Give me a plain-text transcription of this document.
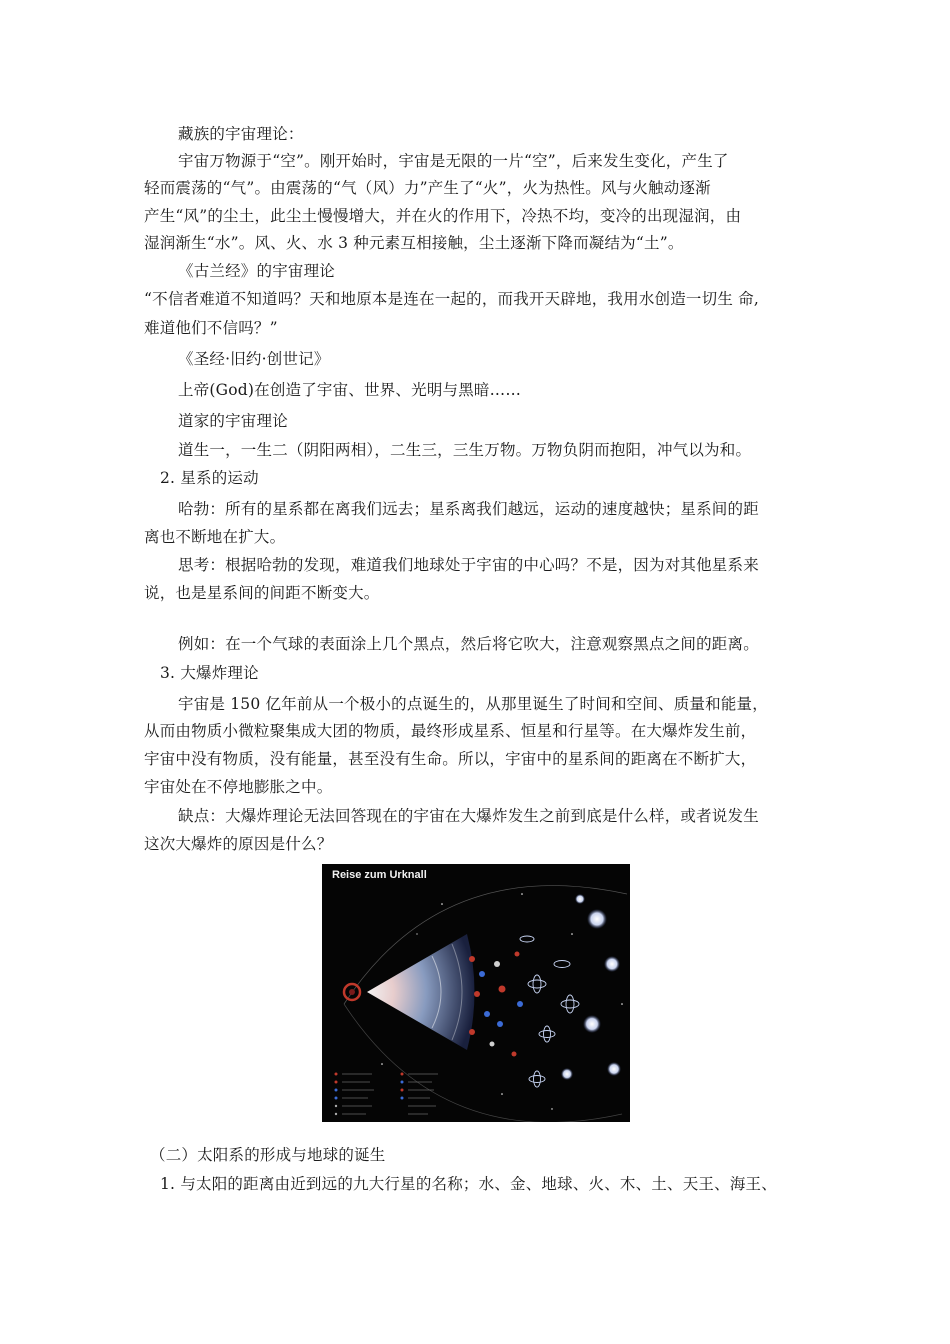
藏族的宇宙理论：
宇宙万物源于“空”。刚开始时，宇宙是无限的一片“空”，后来发生变化，产生了
轻而震荡的“气”。由震荡的“气（风）力”产生了“火”，火为热性。风与火触动逐渐
产生“风”的尘土，此尘土慢慢增大，并在火的作用下，冷热不均，变冷的出现湿润，由
湿润渐生“水”。风、火、水 3 种元素互相接触，尘土逐渐下降而凝结为“土”。
《古兰经》的宇宙理论
“不信者难道不知道吗？天和地原本是连在一起的，而我开天辟地，我用水创造一切生 命,
难道他们不信吗？”
《圣经·旧约·创世记》
上帝(God)在创造了宇宙、世界、光明与黑暗……
道家的宇宙理论
道生一，一生二（阴阳两相），二生三，三生万物。万物负阴而抱阳，冲气以为和。
2. 星系的运动
哈勃：所有的星系都在离我们远去；星系离我们越远，运动的速度越快；星系间的距
离也不断地在扩大。
思考：根据哈勃的发现，难道我们地球处于宇宙的中心吗？不是，因为对其他星系来
说，也是星系间的间距不断变大。
例如：在一个气球的表面涂上几个黑点，然后将它吹大，注意观察黑点之间的距离。
3. 大爆炸理论
宇宙是 150 亿年前从一个极小的点诞生的，从那里诞生了时间和空间、质量和能量，
从而由物质小微粒聚集成大团的物质，最终形成星系、恒星和行星等。在大爆炸发生前，
宇宙中没有物质，没有能量，甚至没有生命。所以，宇宙中的星系间的距离在不断扩大，
宇宙处在不停地膨胀之中。
缺点：大爆炸理论无法回答现在的宇宙在大爆炸发生之前到底是什么样，或者说发生
这次大爆炸的原因是什么？
Reise zum Urknall
（二）太阳系的形成与地球的诞生
1. 与太阳的距离由近到远的九大行星的名称；水、金、地球、火、木、土、天王、海王、
